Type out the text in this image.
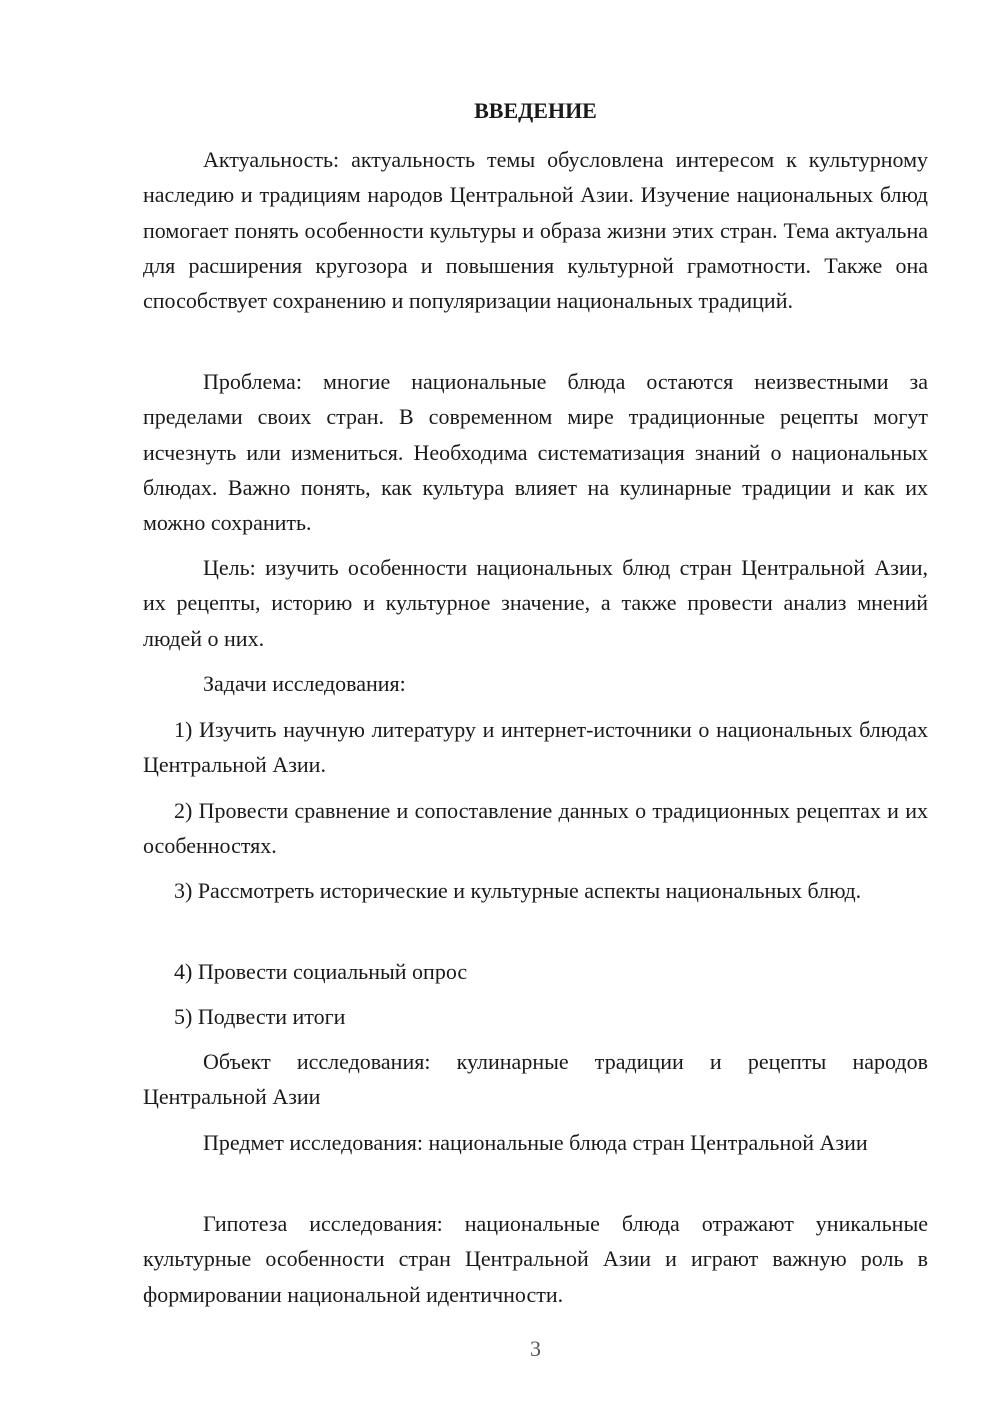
ВВЕДЕНИЕ

Актуальность: актуальность темы обусловлена интересом к культурному наследию и традициям народов Центральной Азии. Изучение национальных блюд помогает понять особенности культуры и образа жизни этих стран. Тема актуальна для расширения кругозора и повышения культурной грамотности. Также она способствует сохранению и популяризации национальных традиций.

Проблема: многие национальные блюда остаются неизвестными за пределами своих стран. В современном мире традиционные рецепты могут исчезнуть или измениться. Необходима систематизация знаний о национальных блюдах. Важно понять, как культура влияет на кулинарные традиции и как их можно сохранить.

Цель: изучить особенности национальных блюд стран Центральной Азии, их рецепты, историю и культурное значение, а также провести анализ мнений людей о них.

Задачи исследования:

1) Изучить научную литературу и интернет-источники о национальных блюдах Центральной Азии.

2) Провести сравнение и сопоставление данных о традиционных рецептах и их особенностях.

3) Рассмотреть исторические и культурные аспекты национальных блюд.

4) Провести социальный опрос

5) Подвести итоги

Объект исследования: кулинарные традиции и рецепты народов Центральной Азии

Предмет исследования: национальные блюда стран Центральной Азии

Гипотеза исследования: национальные блюда отражают уникальные культурные особенности стран Центральной Азии и играют важную роль в формировании национальной идентичности.

3
